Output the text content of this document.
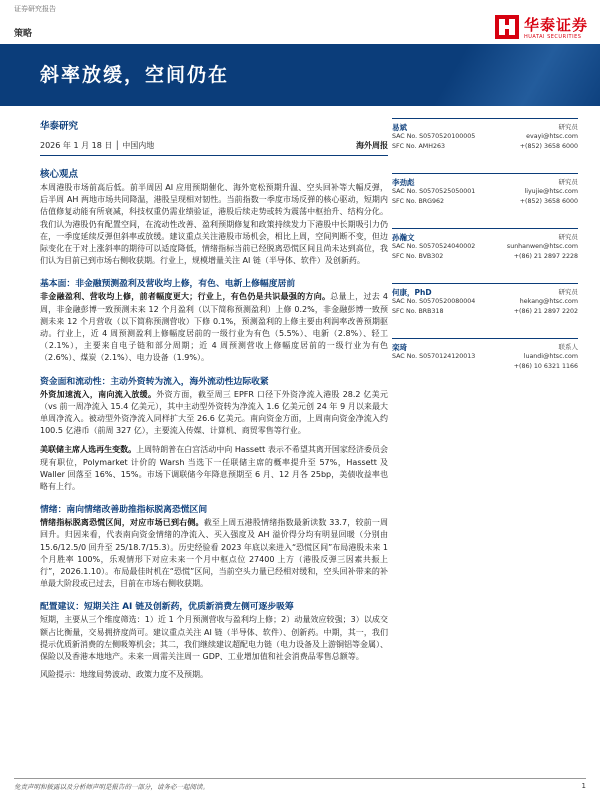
证券研究报告
策略	华泰证券
HUATAI SECURITIES
斜率放缓，空间仍在
华泰研究
2026 年 1 月 18 日 │ 中国内地	海外周报
核心观点
本周港股市场前高后低。前半周因 AI 应用预期催化、海外宽松预期升温、空头回补等大幅反弹，后半周 AH 两地市场共同降温，港股呈现相对韧性。当前指数一季度市场反弹的核心驱动，短期内估值修复动能有所衰减，科技权重仍需业绩验证，港股后续走势或转为震荡中枢抬升、结构分化。我们认为港股仍有配置空间，在流动性改善、盈利预期修复和政策持续发力下港股中长期吸引力仍在，一季度延续反弹但斜率或放缓。建议重点关注港股市场机会，相比上周，空间判断不变，但边际变化在于对上涨斜率的期待可以适度降低，情绪指标当前已经脱离恐慌区间且尚未达到高位，我们认为目前已到市场右侧收获期。行业上，规模增量关注 AI 链（半导体、软件）及创新药。
基本面：非金融预测盈利及营收均上修，有色、电新上修幅度居前
非金融盈利、营收均上修，前者幅度更大；行业上，有色仍是共识最强的方向。总量上，过去 4 周，非金融彭博一致预测未来 12 个月盈利（以下简称预测盈利）上修 0.2%，非金融彭博一致预测未来 12 个月营收（以下简称预测营收）下修 0.1%，预测盈利的上修主要由利润率改善预期驱动。行业上，近 4 周预测盈利上修幅度居前的一级行业为有色（5.5%）、电新（2.8%）、轻工（2.1%），主要来自电子链和部分周期；近 4 周预测营收上修幅度居前的一级行业为有色（2.6%）、煤炭（2.1%）、电力设备（1.9%）。
资金面和流动性：主动外资转为流入，海外流动性边际收紧
外资加速流入，南向流入放缓。外资方面，截至周三 EPFR 口径下外资净流入港股 28.2 亿美元（vs 前一周净流入 15.4 亿美元），其中主动型外资转为净流入 1.6 亿美元创 24 年 9 月以来最大单周净流入。被动型外资净流入同样扩大至 26.6 亿美元。南向资金方面，上周南向资金净流入约 100.5 亿港币（前周 327 亿），主要流入传媒、计算机、商贸零售等行业。
美联储主席人选再生变数。上周特朗普在白宫活动中向 Hassett 表示不希望其离开国家经济委员会现有职位，Polymarket 计价的 Warsh 当选下一任联储主席的概率提升至 57%，Hassett 及 Waller 回落至 16%、15%。市场下调联储今年降息预期至 6 月、12 月各 25bp，美债收益率也略有上行。
情绪：南向情绪改善助推指标脱离恐慌区间
情绪指标脱离恐慌区间，对应市场已到右侧。截至上周五港股情绪指数最新读数 33.7，较前一周回升。归因来看，代表南向资金情绪的净流入、买入强度及 AH 溢价得分均有明显回暖（分别由 15.6/12.5/0 回升至 25/18.7/15.3）。历史经验看 2023 年底以来进入“恐慌区间”布局港股未来 1 个月胜率 100%，乐观情形下对应未来一个月中枢点位 27400 上方（港股反弹三因素共振上行”，2026.1.10）。布局最佳时机在“恐慌”区间，当前空头力量已经相对缓和，空头回补带来的补单最大阶段或已过去，目前在市场右侧收获期。
配置建议：短期关注 AI 链及创新药，优质新消费左侧可逐步吸筹
短期，主要从三个维度筛选：1）近 1 个月预测营收与盈利均上修；2）动量效应较强；3）以成交额占比衡量，交易拥挤度尚可。建议重点关注 AI 链（半导体、软件）、创新药。中期，其一，我们提示优质新消费的左侧吸筹机会；其二，我们继续建议超配电力链（电力设备及上游铜铝等金属）、保险以及香港本地地产。未来一周需关注周一 GDP、工业增加值和社会消费品零售总额等。
风险提示：地缘局势波动、政策力度不及预期。
易斌	研究员
SAC No. S0570520100005	evayi@htsc.com
SFC No. AMH263	+(852) 3658 6000
李劲彪	研究员
SAC No. S0570525050001	liyujie@htsc.com
SFC No. BRG962	+(852) 3658 6000
孙瀚文	研究员
SAC No. S0570524040002	sunhanwen@htsc.com
SFC No. BVB302	+(86) 21 2897 2228
何康，PhD	研究员
SAC No. S0570520080004	hekang@htsc.com
SFC No. BRB318	+(86) 21 2897 2202
栾琦	联系人
SAC No. S0570124120013	luandi@htsc.com
+(86) 10 6321 1166
免责声明和披露以及分析师声明是报告的一部分，请务必一起阅读。	1
